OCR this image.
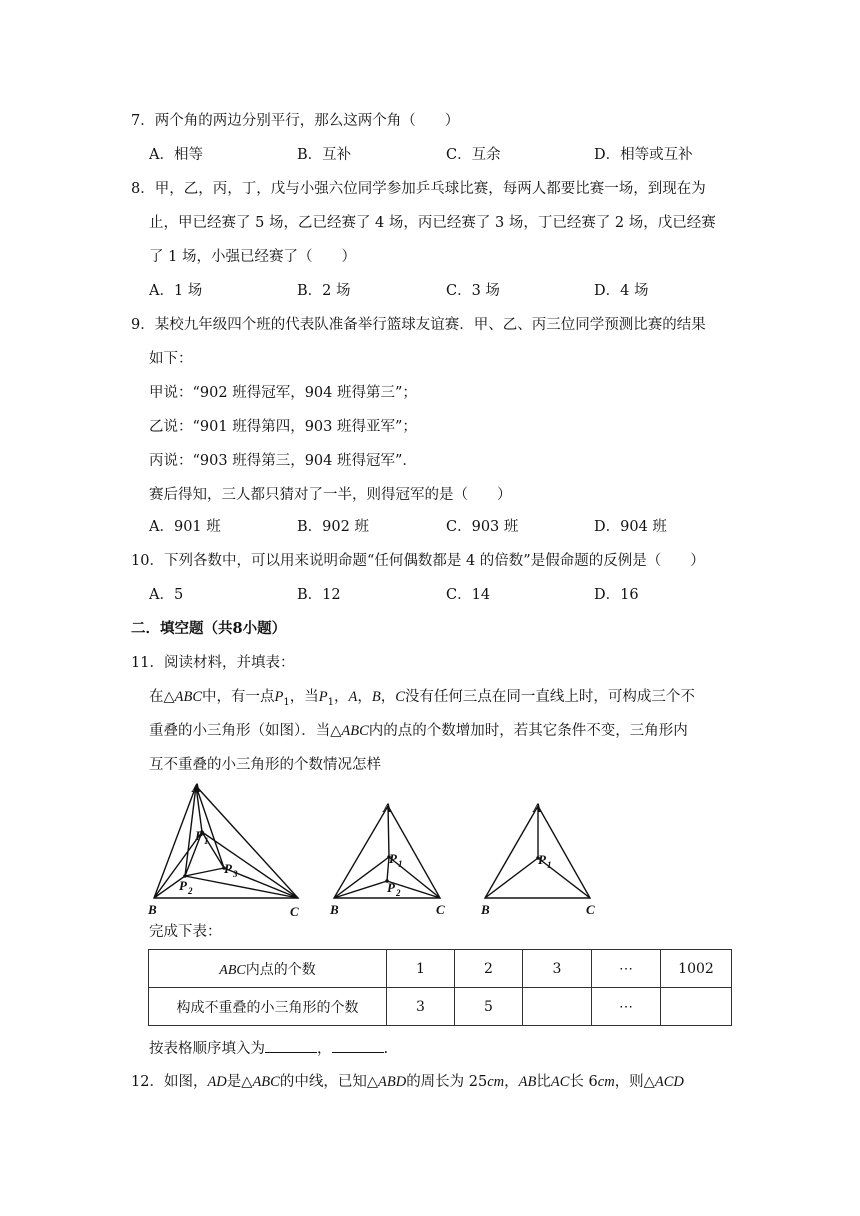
7．两个角的两边分别平行，那么这两个角（　　）
A．相等	B．互补	C．互余	D．相等或互补
8．甲，乙，丙，丁，戊与小强六位同学参加乒乓球比赛，每两人都要比赛一场，到现在为
止，甲已经赛了 5 场，乙已经赛了 4 场，丙已经赛了 3 场，丁已经赛了 2 场，戊已经赛
了 1 场，小强已经赛了（　　）
A．1 场	B．2 场	C．3 场	D．4 场
9．某校九年级四个班的代表队准备举行篮球友谊赛．甲、乙、丙三位同学预测比赛的结果
如下：
甲说：“902 班得冠军，904 班得第三”；
乙说：“901 班得第四，903 班得亚军”；
丙说：“903 班得第三，904 班得冠军”．
赛后得知，三人都只猜对了一半，则得冠军的是（　　）
A．901 班	B．902 班	C．903 班	D．904 班
10．下列各数中，可以用来说明命题“任何偶数都是 4 的倍数”是假命题的反例是（　　）
A．5	B．12	C．14	D．16
二．填空题（共8小题）
11．阅读材料，并填表：
在△ABC中，有一点$P_1$，当$P_1$，A，B，C没有任何三点在同一直线上时，可构成三个不
重叠的小三角形（如图）．当△ABC内的点的个数增加时，若其它条件不变，三角形内
互不重叠的小三角形的个数情况怎样
A
B	C
P 1
P 2
P 3
A
B	C
P 1
P 2
A
B	C
P 1
完成下表：
ABC内点的个数	1	2	3	⋯	1002
构成不重叠的小三角形的个数	3	5		⋯	
按表格顺序填入为	，	.
12．如图，AD是△ABC的中线，已知△ABD的周长为 25cm，AB比AC长 6cm，则△ACD
